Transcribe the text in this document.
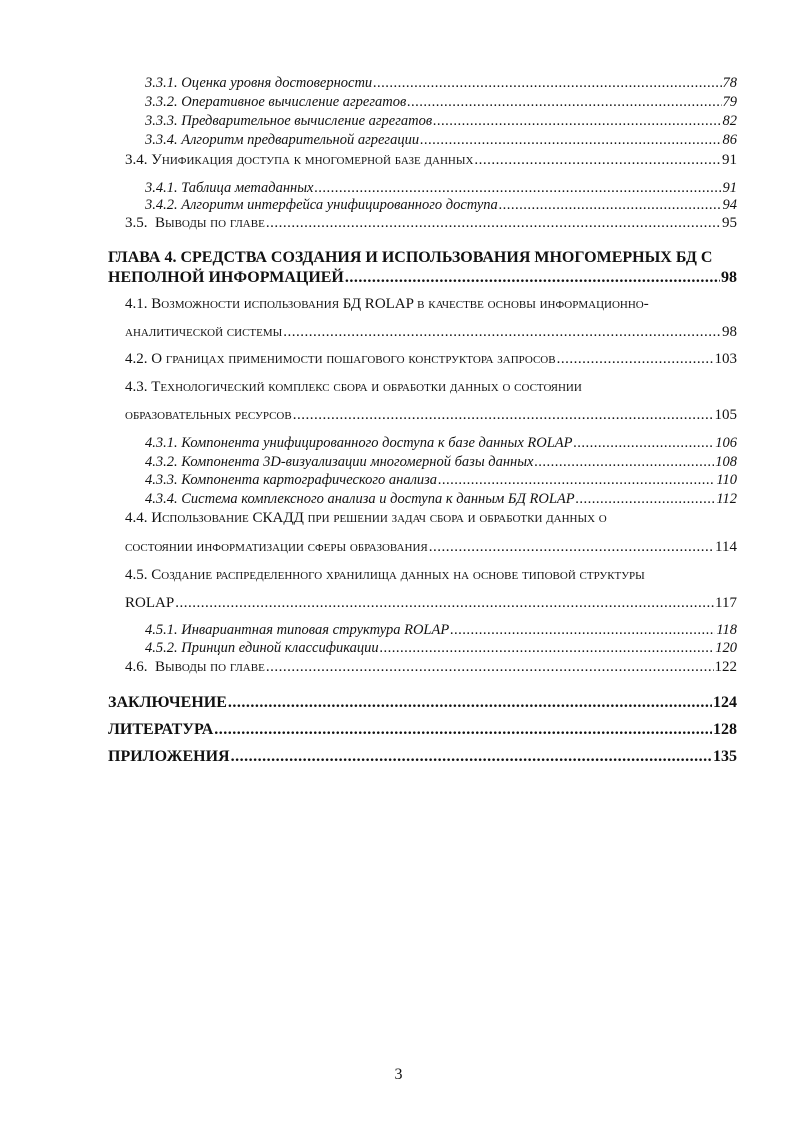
3.3.1. Оценка уровня достоверности .....	78
3.3.2. Оперативное вычисление агрегатов .....	79
3.3.3. Предварительное вычисление агрегатов .....	82
3.3.4. Алгоритм предварительной агрегации .....	86
3.4. Унификация доступа к многомерной базе данных .....	91
3.4.1. Таблица метаданных .....	91
3.4.2. Алгоритм интерфейса унифицированного доступа .....	94
3.5. Выводы по главе .....	95
ГЛАВА 4. СРЕДСТВА СОЗДАНИЯ И ИСПОЛЬЗОВАНИЯ МНОГОМЕРНЫХ БД С
НЕПОЛНОЙ ИНФОРМАЦИЕЙ .....	98
4.1. Возможности использования БД ROLAP в качестве основы информационно-
аналитической системы .....	98
4.2. О границах применимости пошагового конструктора запросов .....	103
4.3. Технологический комплекс сбора и обработки данных о состоянии
образовательных ресурсов .....	105
4.3.1. Компонента унифицированного доступа к базе данных ROLAP .....	106
4.3.2. Компонента 3D-визуализации многомерной базы данных .....	108
4.3.3. Компонента картографического анализа .....	110
4.3.4. Система комплексного анализа и доступа к данным БД ROLAP .....	112
4.4. Использование СКАДД при решении задач сбора и обработки данных о
состоянии информатизации сферы образования .....	114
4.5. Создание распределенного хранилища данных на основе типовой структуры
ROLAP .....	117
4.5.1. Инвариантная типовая структура ROLAP .....	118
4.5.2. Принцип единой классификации .....	120
4.6. Выводы по главе .....	122
ЗАКЛЮЧЕНИЕ .....	124
ЛИТЕРАТУРА .....	128
ПРИЛОЖЕНИЯ .....	135
3
